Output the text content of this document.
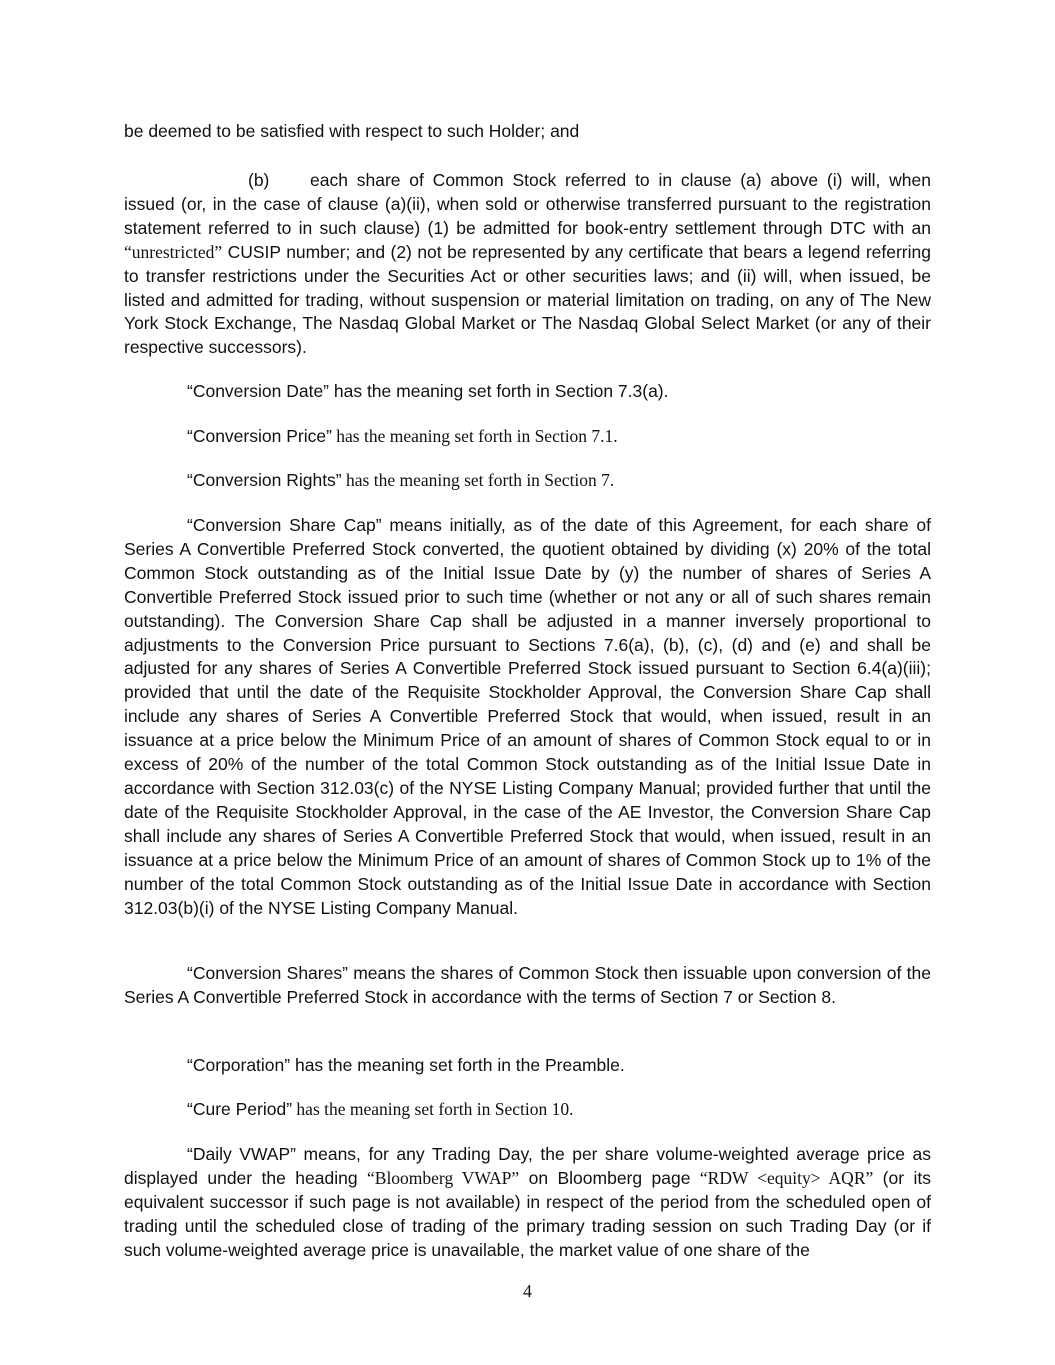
be deemed to be satisfied with respect to such Holder; and

(b) each share of Common Stock referred to in clause (a) above (i) will, when issued (or, in the case of clause (a)(ii), when sold or otherwise transferred pursuant to the registration statement referred to in such clause) (1) be admitted for book-entry settlement through DTC with an “unrestricted” CUSIP number; and (2) not be represented by any certificate that bears a legend referring to transfer restrictions under the Securities Act or other securities laws; and (ii) will, when issued, be listed and admitted for trading, without suspension or material limitation on trading, on any of The New York Stock Exchange, The Nasdaq Global Market or The Nasdaq Global Select Market (or any of their respective successors).

“Conversion Date” has the meaning set forth in Section 7.3(a).

“Conversion Price” has the meaning set forth in Section 7.1.

“Conversion Rights” has the meaning set forth in Section 7.

“Conversion Share Cap” means initially, as of the date of this Agreement, for each share of Series A Convertible Preferred Stock converted, the quotient obtained by dividing (x) 20% of the total Common Stock outstanding as of the Initial Issue Date by (y) the number of shares of Series A Convertible Preferred Stock issued prior to such time (whether or not any or all of such shares remain outstanding). The Conversion Share Cap shall be adjusted in a manner inversely proportional to adjustments to the Conversion Price pursuant to Sections 7.6(a), (b), (c), (d) and (e) and shall be adjusted for any shares of Series A Convertible Preferred Stock issued pursuant to Section 6.4(a)(iii); provided that until the date of the Requisite Stockholder Approval, the Conversion Share Cap shall include any shares of Series A Convertible Preferred Stock that would, when issued, result in an issuance at a price below the Minimum Price of an amount of shares of Common Stock equal to or in excess of 20% of the number of the total Common Stock outstanding as of the Initial Issue Date in accordance with Section 312.03(c) of the NYSE Listing Company Manual; provided further that until the date of the Requisite Stockholder Approval, in the case of the AE Investor, the Conversion Share Cap shall include any shares of Series A Convertible Preferred Stock that would, when issued, result in an issuance at a price below the Minimum Price of an amount of shares of Common Stock up to 1% of the number of the total Common Stock outstanding as of the Initial Issue Date in accordance with Section 312.03(b)(i) of the NYSE Listing Company Manual.

“Conversion Shares” means the shares of Common Stock then issuable upon conversion of the Series A Convertible Preferred Stock in accordance with the terms of Section 7 or Section 8.

“Corporation” has the meaning set forth in the Preamble.

“Cure Period” has the meaning set forth in Section 10.

“Daily VWAP” means, for any Trading Day, the per share volume-weighted average price as displayed under the heading “Bloomberg VWAP” on Bloomberg page “RDW <equity> AQR” (or its equivalent successor if such page is not available) in respect of the period from the scheduled open of trading until the scheduled close of trading of the primary trading session on such Trading Day (or if such volume-weighted average price is unavailable, the market value of one share of the

4
